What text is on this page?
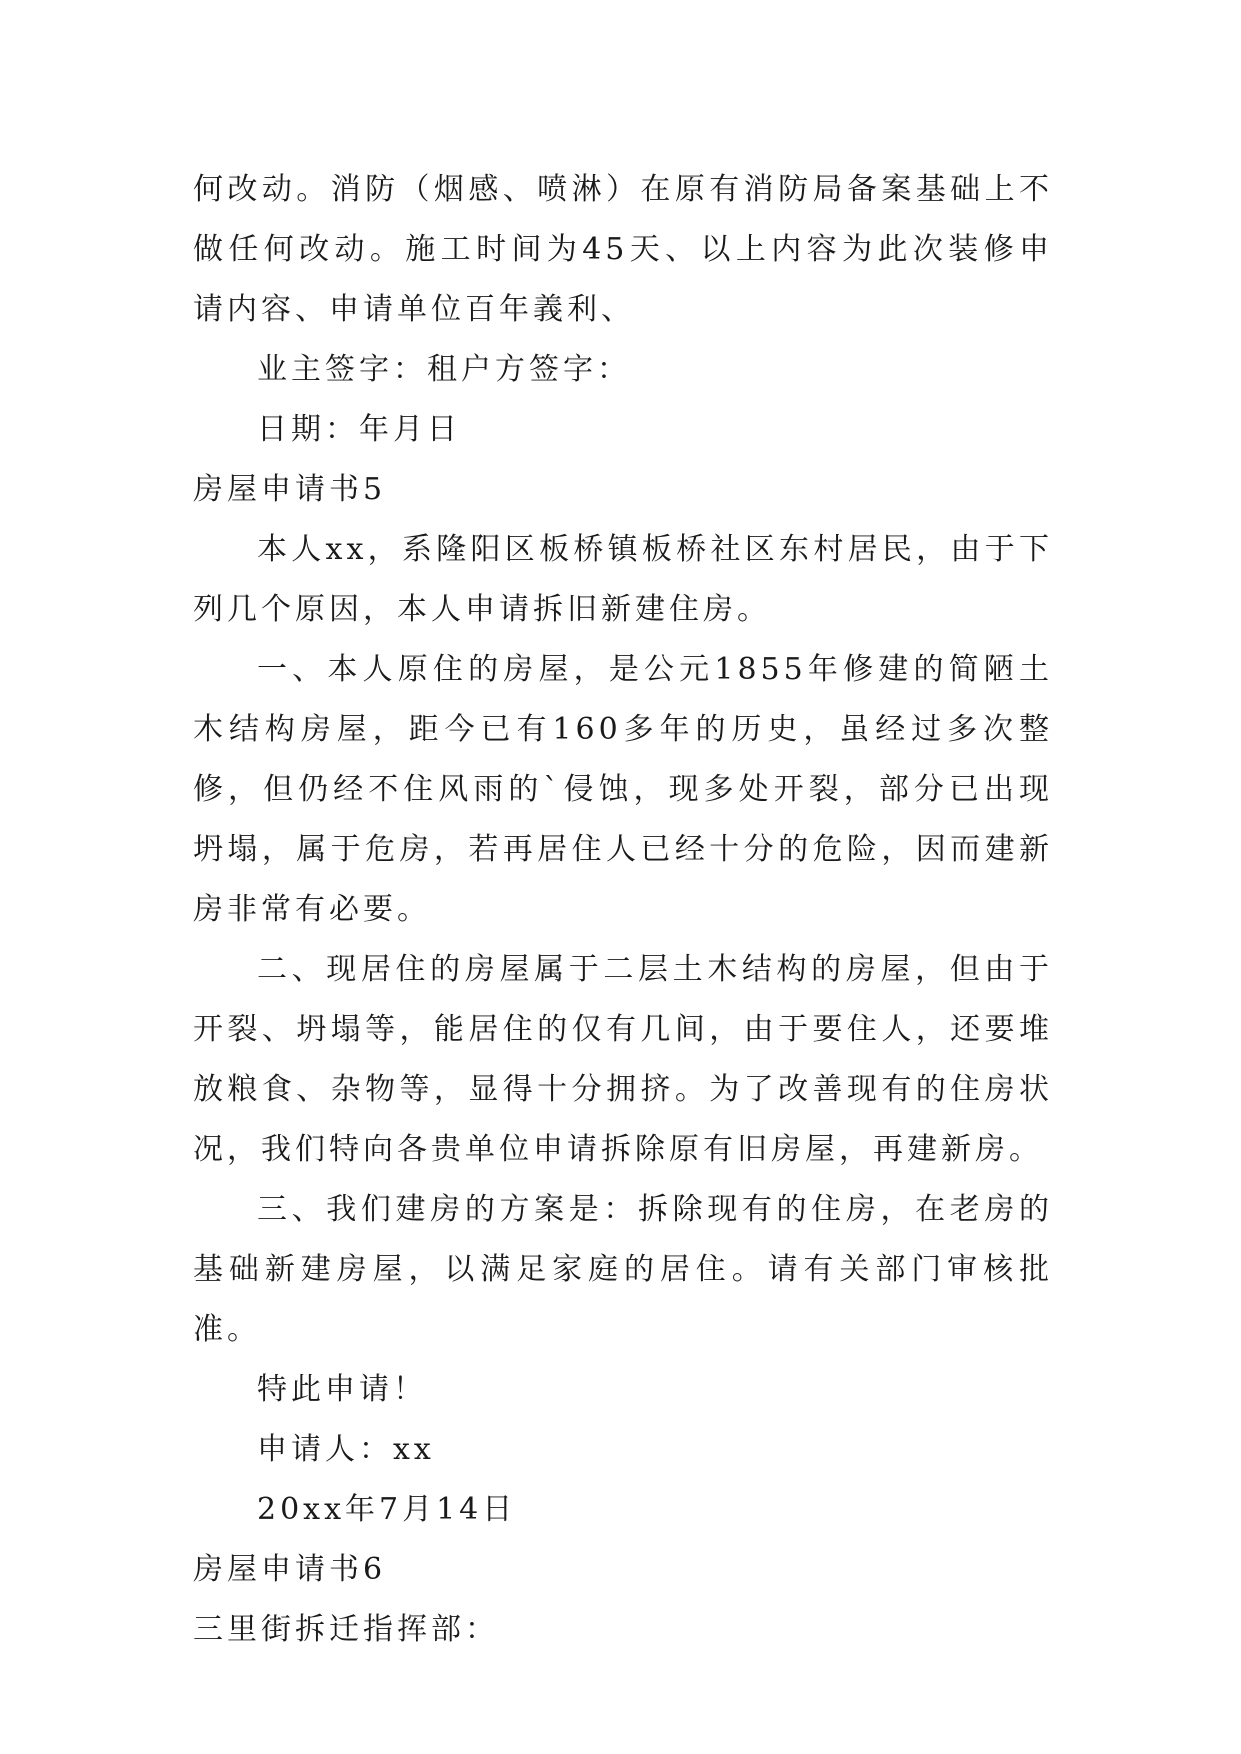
何改动。消防（烟感、喷淋）在原有消防局备案基础上不做任何改动。施工时间为45天、以上内容为此次装修申请内容、申请单位百年義利、

业主签字：租户方签字：

日期：年月日

房屋申请书5

本人xx，系隆阳区板桥镇板桥社区东村居民，由于下列几个原因，本人申请拆旧新建住房。

一、本人原住的房屋，是公元1855年修建的简陋土木结构房屋，距今已有160多年的历史，虽经过多次整修，但仍经不住风雨的`侵蚀，现多处开裂，部分已出现坍塌，属于危房，若再居住人已经十分的危险，因而建新房非常有必要。

二、现居住的房屋属于二层土木结构的房屋，但由于开裂、坍塌等，能居住的仅有几间，由于要住人，还要堆放粮食、杂物等，显得十分拥挤。为了改善现有的住房状况，我们特向各贵单位申请拆除原有旧房屋，再建新房。

三、我们建房的方案是：拆除现有的住房，在老房的基础新建房屋，以满足家庭的居住。请有关部门审核批准。

特此申请！

申请人：xx

20xx年7月14日

房屋申请书6

三里街拆迁指挥部：
